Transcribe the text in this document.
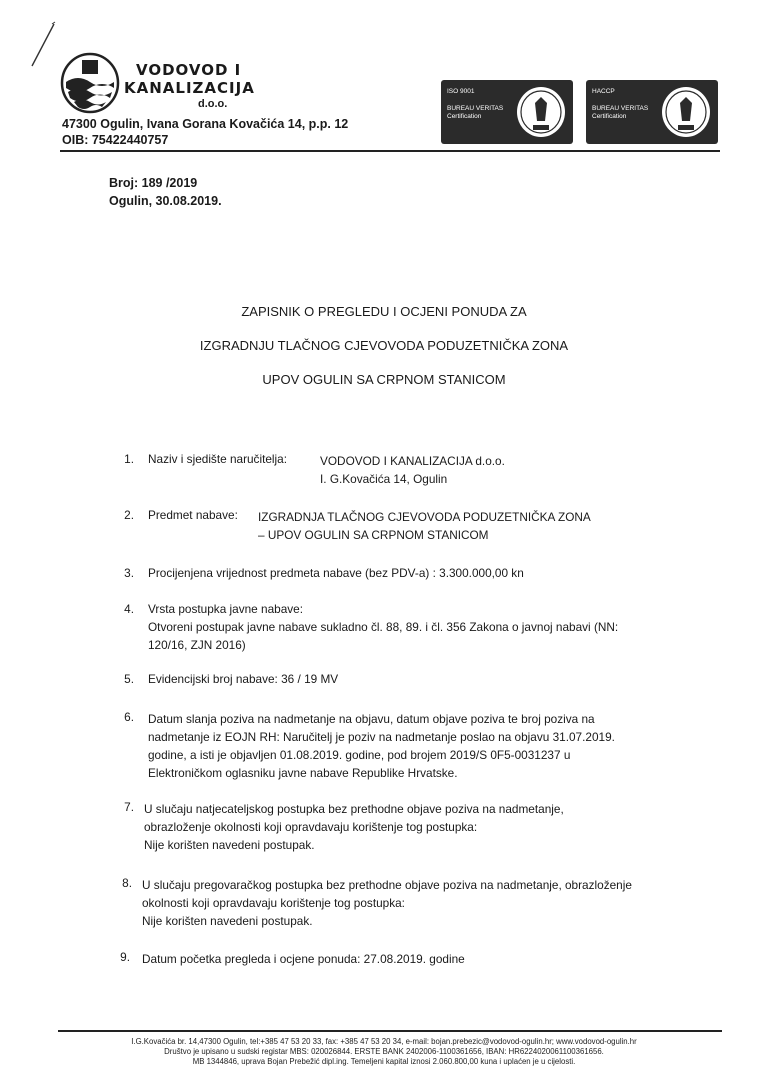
VODOVOD I
KANALIZACIJA
d.o.o.
47300 Ogulin, Ivana Gorana Kovačića 14, p.p. 12
OIB: 75422440757
ISO 9001
BUREAU VERITAS
Certification
HACCP
BUREAU VERITAS
Certification
Broj: 189 /2019
Ogulin, 30.08.2019.
ZAPISNIK O PREGLEDU I OCJENI PONUDA ZA
IZGRADNJU TLAČNOG CJEVOVODA PODUZETNIČKA ZONA
UPOV OGULIN SA CRPNOM STANICOM
1. Naziv i sjedište naručitelja:	VODOVOD I KANALIZACIJA d.o.o.
I. G.Kovačića 14, Ogulin
2. Predmet nabave: IZGRADNJA TLAČNOG CJEVOVODA PODUZETNIČKA ZONA
– UPOV OGULIN SA CRPNOM STANICOM
3. Procijenjena vrijednost predmeta nabave (bez PDV-a) : 3.300.000,00 kn
4. Vrsta postupka javne nabave:
Otvoreni postupak javne nabave sukladno čl. 88, 89. i čl. 356 Zakona o javnoj nabavi (NN:
120/16, ZJN 2016)
5. Evidencijski broj nabave: 36 / 19 MV
6. Datum slanja poziva na nadmetanje na objavu, datum objave poziva te broj poziva na
nadmetanje iz EOJN RH: Naručitelj je poziv na nadmetanje poslao na objavu 31.07.2019.
godine, a isti je objavljen 01.08.2019. godine, pod brojem 2019/S 0F5-0031237 u
Elektroničkom oglasniku javne nabave Republike Hrvatske.
7. U slučaju natjecateljskog postupka bez prethodne objave poziva na nadmetanje,
obrazloženje okolnosti koji opravdavaju korištenje tog postupka:
Nije korišten navedeni postupak.
8. U slučaju pregovaračkog postupka bez prethodne objave poziva na nadmetanje, obrazloženje
okolnosti koji opravdavaju korištenje tog postupka:
Nije korišten navedeni postupak.
9. Datum početka pregleda i ocjene ponuda: 27.08.2019. godine
I.G.Kovačića br. 14,47300 Ogulin, tel:+385 47 53 20 33, fax: +385 47 53 20 34, e-mail: bojan.prebezic@vodovod-ogulin.hr; www.vodovod-ogulin.hr
Društvo je upisano u sudski registar MBS: 020026844. ERSTE BANK 2402006-1100361656, IBAN: HR6224020061100361656.
MB 1344846, uprava Bojan Prebežić dipl.ing. Temeljeni kapital iznosi 2.060.800,00 kuna i uplaćen je u cijelosti.
